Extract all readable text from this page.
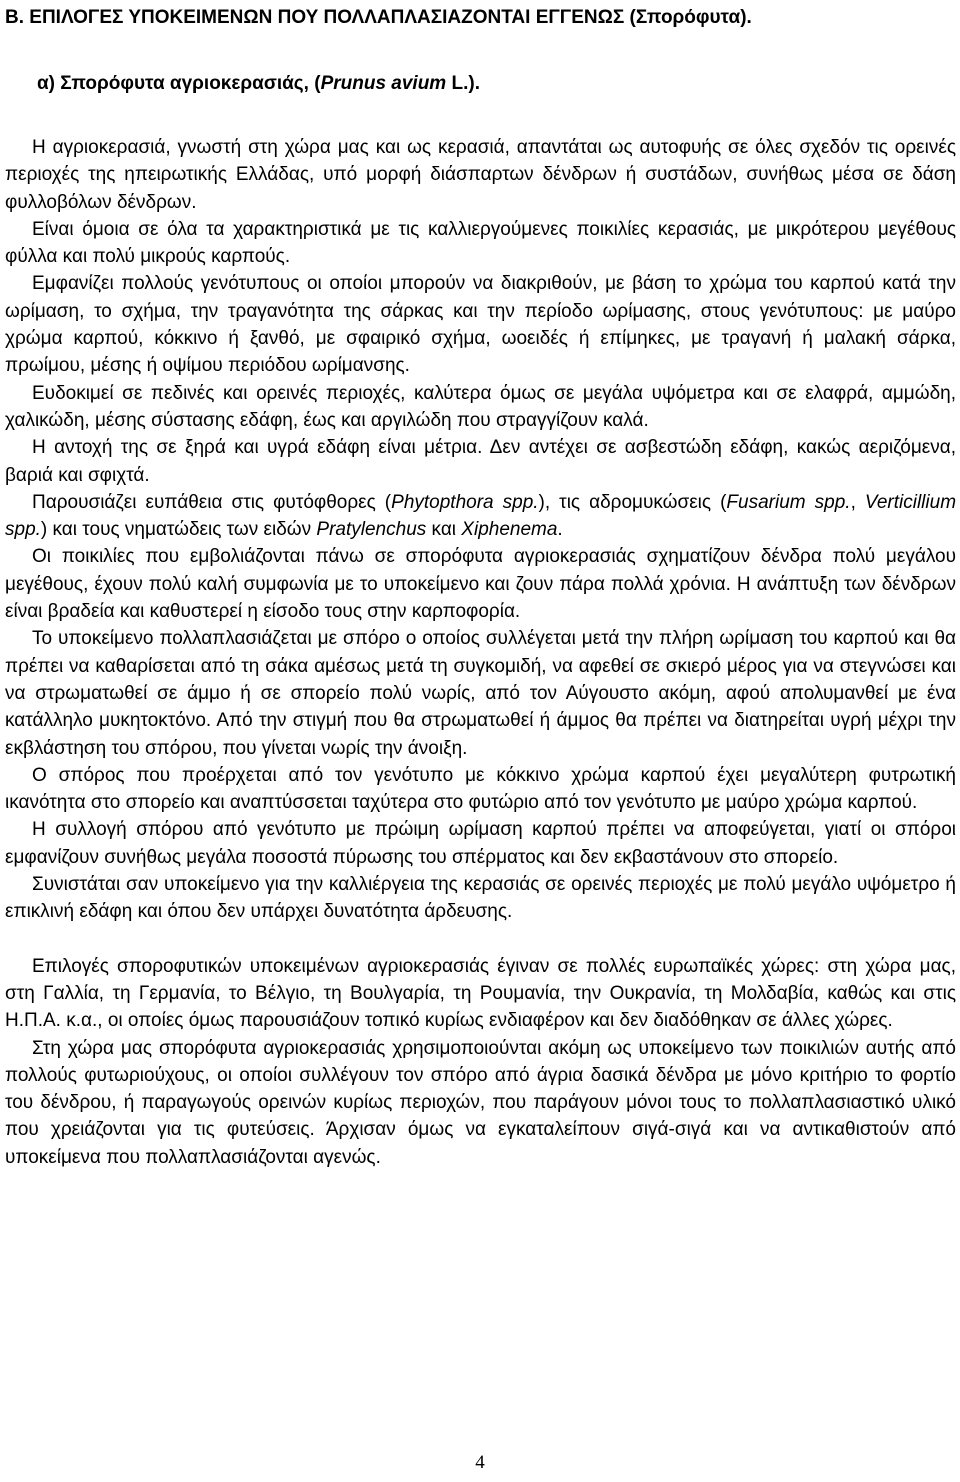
Β. ΕΠΙΛΟΓΕΣ ΥΠΟΚΕΙΜΕΝΩΝ ΠΟΥ ΠΟΛΛΑΠΛΑΣΙΑΖΟΝΤΑΙ ΕΓΓΕΝΩΣ (Σπορόφυτα).
α) Σπορόφυτα αγριοκερασιάς, (Prunus avium L.).

Η αγριοκερασιά, γνωστή στη χώρα μας και ως κερασιά, απαντάται ως αυτοφυής σε όλες σχεδόν τις ορεινές περιοχές της ηπειρωτικής Ελλάδας, υπό μορφή διάσπαρτων δένδρων ή συστάδων, συνήθως μέσα σε δάση φυλλοβόλων δένδρων.

Είναι όμοια σε όλα τα χαρακτηριστικά με τις καλλιεργούμενες ποικιλίες κερασιάς, με μικρότερου μεγέθους φύλλα και πολύ μικρούς καρπούς.

Εμφανίζει πολλούς γενότυπους οι οποίοι μπορούν να διακριθούν, με βάση το χρώμα του καρπού κατά την ωρίμαση, το σχήμα, την τραγανότητα της σάρκας και την περίοδο ωρίμασης, στους γενότυπους: με μαύρο χρώμα καρπού, κόκκινο ή ξανθό, με σφαιρικό σχήμα, ωοειδές ή επίμηκες, με τραγανή ή μαλακή σάρκα, πρωίμου, μέσης ή οψίμου περιόδου ωρίμανσης.

Ευδοκιμεί σε πεδινές και ορεινές περιοχές, καλύτερα όμως σε μεγάλα υψόμετρα και σε ελαφρά, αμμώδη, χαλικώδη, μέσης σύστασης εδάφη, έως και αργιλώδη που στραγγίζουν καλά.

Η αντοχή της σε ξηρά και υγρά εδάφη είναι μέτρια. Δεν αντέχει σε ασβεστώδη εδάφη, κακώς αεριζόμενα, βαριά και σφιχτά.

Παρουσιάζει ευπάθεια στις φυτόφθορες (Phytopthora spp.), τις αδρομυκώσεις (Fusarium spp., Verticillium spp.) και τους νηματώδεις των ειδών Pratylenchus και Xiphenema.

Οι ποικιλίες που εμβολιάζονται πάνω σε σπορόφυτα αγριοκερασιάς σχηματίζουν δένδρα πολύ μεγάλου μεγέθους, έχουν πολύ καλή συμφωνία με το υποκείμενο και ζουν πάρα πολλά χρόνια. Η ανάπτυξη των δένδρων είναι βραδεία και καθυστερεί η είσοδο τους στην καρποφορία.

Το υποκείμενο πολλαπλασιάζεται με σπόρο ο οποίος συλλέγεται μετά την πλήρη ωρίμαση του καρπού και θα πρέπει να καθαρίσεται από τη σάκα αμέσως μετά τη συγκομιδή, να αφεθεί σε σκιερό μέρος για να στεγνώσει και να στρωματωθεί σε άμμο ή σε σπορείο πολύ νωρίς, από τον Αύγουστο ακόμη, αφού απολυμανθεί με ένα κατάλληλο μυκητοκτόνο. Από την στιγμή που θα στρωματωθεί ή άμμος θα πρέπει να διατηρείται υγρή μέχρι την εκβλάστηση του σπόρου, που γίνεται νωρίς την άνοιξη.

Ο σπόρος που προέρχεται από τον γενότυπο με κόκκινο χρώμα καρπού έχει μεγαλύτερη φυτρωτική ικανότητα στο σπορείο και αναπτύσσεται ταχύτερα στο φυτώριο από τον γενότυπο με μαύρο χρώμα καρπού.

Η συλλογή σπόρου από γενότυπο με πρώιμη ωρίμαση καρπού πρέπει να αποφεύγεται, γιατί οι σπόροι εμφανίζουν συνήθως μεγάλα ποσοστά πύρωσης του σπέρματος και δεν εκβαστάνουν στο σπορείο.

Συνιστάται σαν υποκείμενο για την καλλιέργεια της κερασιάς σε ορεινές περιοχές με πολύ μεγάλο υψόμετρο ή επικλινή εδάφη και όπου δεν υπάρχει δυνατότητα άρδευσης.

Επιλογές σποροφυτικών υποκειμένων αγριοκερασιάς έγιναν σε πολλές ευρωπαϊκές χώρες: στη χώρα μας, στη Γαλλία, τη Γερμανία, το Βέλγιο, τη Βουλγαρία, τη Ρουμανία, την Ουκρανία, τη Μολδαβία, καθώς και στις Η.Π.Α. κ.α., οι οποίες όμως παρουσιάζουν τοπικό κυρίως ενδιαφέρον και δεν διαδόθηκαν σε άλλες χώρες.

Στη χώρα μας σπορόφυτα αγριοκερασιάς χρησιμοποιούνται ακόμη ως υποκείμενο των ποικιλιών αυτής από πολλούς φυτωριούχους, οι οποίοι συλλέγουν τον σπόρο από άγρια δασικά δένδρα με μόνο κριτήριο το φορτίο του δένδρου, ή παραγωγούς ορεινών κυρίως περιοχών, που παράγουν μόνοι τους το πολλαπλασιαστικό υλικό που χρειάζονται για τις φυτεύσεις. Άρχισαν όμως να εγκαταλείπουν σιγά-σιγά και να αντικαθιστούν από υποκείμενα που πολλαπλασιάζονται αγενώς.

4
